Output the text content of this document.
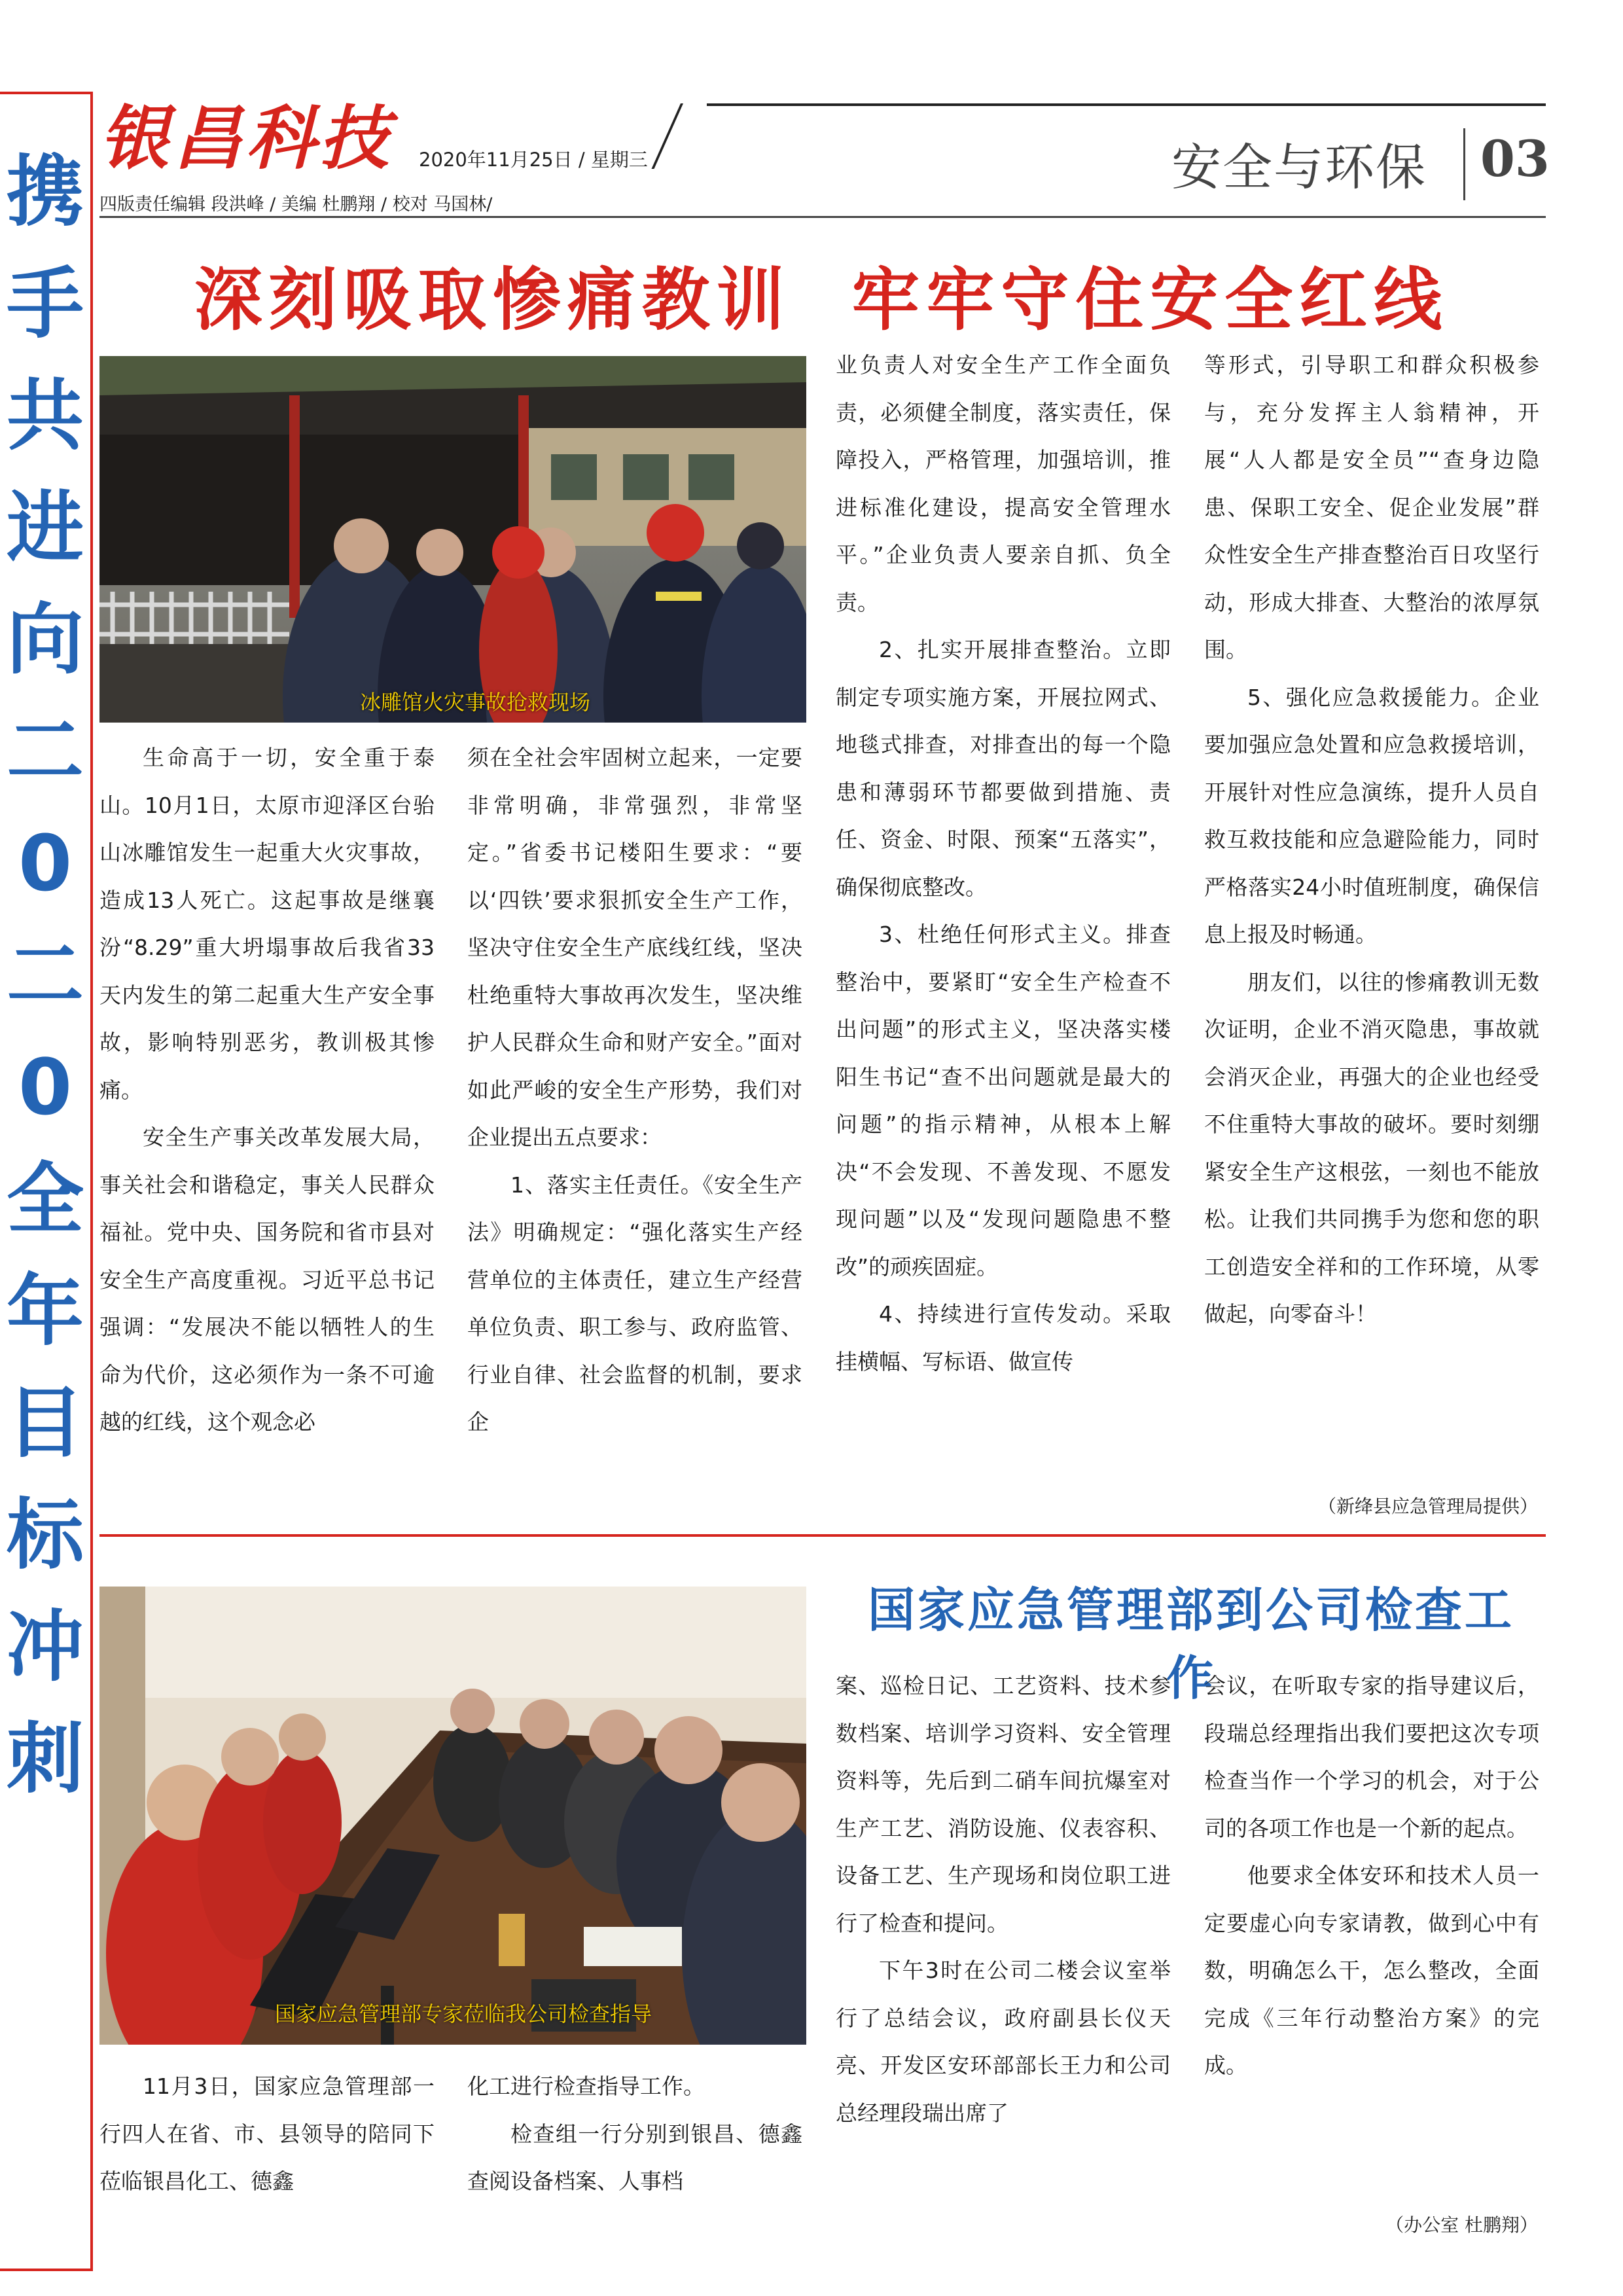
携
手
共
进
向
二
0
二
0
全
年
目
标
冲
刺
银昌科技 2020年11月25日 / 星期三
四版责任编辑 段洪峰 / 美编 杜鹏翔 / 校对 马国林/
安全与环保 03
深刻吸取惨痛教训  牢牢守住安全红线
冰雕馆火灾事故抢救现场

生命高于一切，安全重于泰山。10月1日，太原市迎泽区台骀山冰雕馆发生一起重大火灾事故，造成13人死亡。这起事故是继襄汾“8.29”重大坍塌事故后我省33天内发生的第二起重大生产安全事故，影响特别恶劣，教训极其惨痛。

安全生产事关改革发展大局，事关社会和谐稳定，事关人民群众福祉。党中央、国务院和省市县对安全生产高度重视。习近平总书记强调：“发展决不能以牺牲人的生命为代价，这必须作为一条不可逾越的红线，这个观念必

须在全社会牢固树立起来，一定要非常明确，非常强烈，非常坚定。”省委书记楼阳生要求：“要以‘四铁’要求狠抓安全生产工作，坚决守住安全生产底线红线，坚决杜绝重特大事故再次发生，坚决维护人民群众生命和财产安全。”面对如此严峻的安全生产形势，我们对企业提出五点要求：

1、落实主任责任。《安全生产法》明确规定：“强化落实生产经营单位的主体责任，建立生产经营单位负责、职工参与、政府监管、行业自律、社会监督的机制，要求企

业负责人对安全生产工作全面负责，必须健全制度，落实责任，保障投入，严格管理，加强培训，推进标准化建设，提高安全管理水平。”企业负责人要亲自抓、负全责。

2、扎实开展排查整治。立即制定专项实施方案，开展拉网式、地毯式排查，对排查出的每一个隐患和薄弱环节都要做到措施、责任、资金、时限、预案“五落实”，确保彻底整改。

3、杜绝任何形式主义。排查整治中，要紧盯“安全生产检查不出问题”的形式主义，坚决落实楼阳生书记“查不出问题就是最大的问题”的指示精神，从根本上解决“不会发现、不善发现、不愿发现问题”以及“发现问题隐患不整改”的顽疾固症。

4、持续进行宣传发动。采取挂横幅、写标语、做宣传

等形式，引导职工和群众积极参与，充分发挥主人翁精神，开展“人人都是安全员”“查身边隐患、保职工安全、促企业发展”群众性安全生产排查整治百日攻坚行动，形成大排查、大整治的浓厚氛围。

5、强化应急救援能力。企业要加强应急处置和应急救援培训，开展针对性应急演练，提升人员自救互救技能和应急避险能力，同时严格落实24小时值班制度，确保信息上报及时畅通。

朋友们，以往的惨痛教训无数次证明，企业不消灭隐患，事故就会消灭企业，再强大的企业也经受不住重特大事故的破坏。要时刻绷紧安全生产这根弦，一刻也不能放松。让我们共同携手为您和您的职工创造安全祥和的工作环境，从零做起，向零奋斗！

（新绛县应急管理局提供）
国家应急管理部到公司检查工作
国家应急管理部专家莅临我公司检查指导

11月3日，国家应急管理部一行四人在省、市、县领导的陪同下莅临银昌化工、德鑫

化工进行检查指导工作。

检查组一行分别到银昌、德鑫查阅设备档案、人事档

案、巡检日记、工艺资料、技术参数档案、培训学习资料、安全管理资料等，先后到二硝车间抗爆室对生产工艺、消防设施、仪表容积、设备工艺、生产现场和岗位职工进行了检查和提问。

下午3时在公司二楼会议室举行了总结会议，政府副县长仪天亮、开发区安环部部长王力和公司总经理段瑞出席了

会议，在听取专家的指导建议后，段瑞总经理指出我们要把这次专项检查当作一个学习的机会，对于公司的各项工作也是一个新的起点。

他要求全体安环和技术人员一定要虚心向专家请教，做到心中有数，明确怎么干，怎么整改，全面完成《三年行动整治方案》的完成。

（办公室 杜鹏翔）
